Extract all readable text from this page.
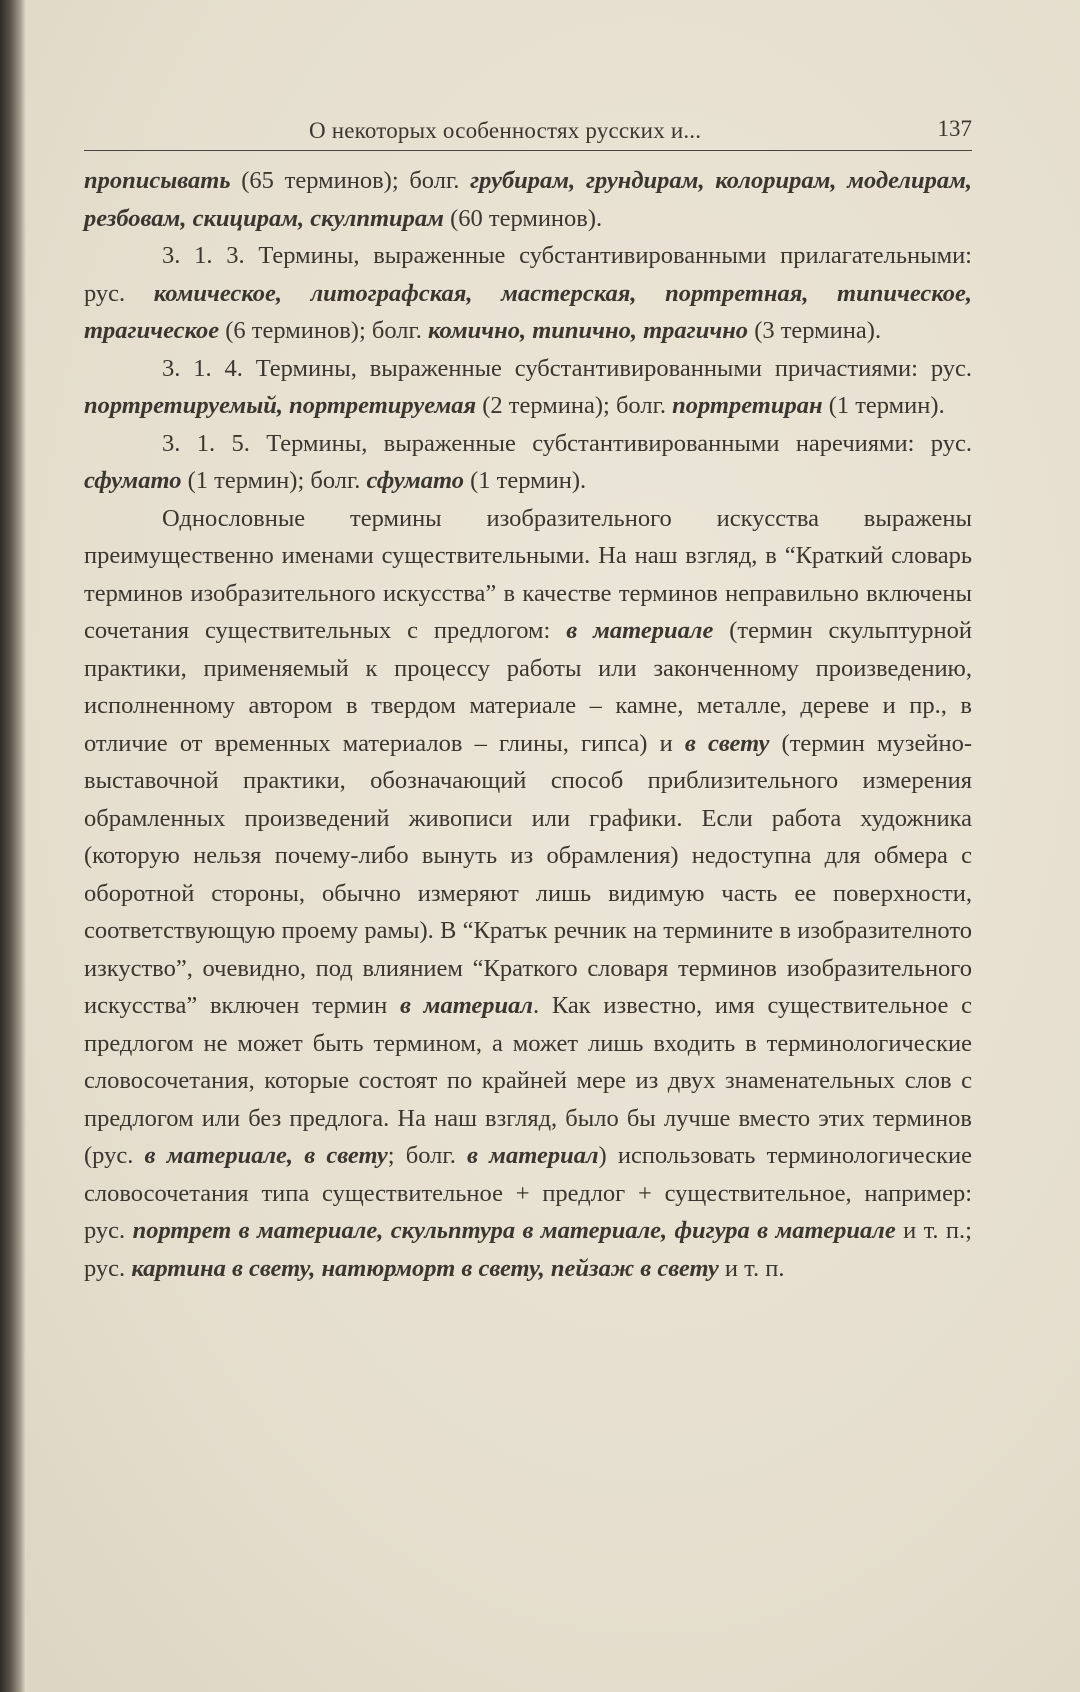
О некоторых особенностях русских и...	137

прописывать (65 терминов); болг. грубирам, грундирам, колорирам, моделирам, резбовам, скицирам, скулптирам (60 терминов).

3. 1. 3. Термины, выраженные субстантивированными прилагательными: рус. комическое, литографская, мастерская, портретная, типическое, трагическое (6 терминов); болг. комично, типично, трагично (3 термина).

3. 1. 4. Термины, выраженные субстантивированными причастиями: рус. портретируемый, портретируемая (2 термина); болг. портретиран (1 термин).

3. 1. 5. Термины, выраженные субстантивированными наречиями: рус. сфумато (1 термин); болг. сфумато (1 термин).

Однословные термины изобразительного искусства выражены преимущественно именами существительными. На наш взгляд, в “Краткий словарь терминов изобразительного искусства” в качестве терминов неправильно включены сочетания существительных с предлогом: в материале (термин скульптурной практики, применяемый к процессу работы или законченному произведению, исполненному автором в твердом материале – камне, металле, дереве и пр., в отличие от временных материалов – глины, гипса) и в свету (термин музейно-выставочной практики, обозначающий способ приблизительного измерения обрамленных произведений живописи или графики. Если работа художника (которую нельзя почему-либо вынуть из обрамления) недоступна для обмера с оборотной стороны, обычно измеряют лишь видимую часть ее поверхности, соответствующую проему рамы). В “Кратък речник на термините в изобразителното изкуство”, очевидно, под влиянием “Краткого словаря терминов изобразительного искусства” включен термин в материал. Как известно, имя существительное с предлогом не может быть термином, а может лишь входить в терминологические словосочетания, которые состоят по крайней мере из двух знаменательных слов с предлогом или без предлога. На наш взгляд, было бы лучше вместо этих терминов (рус. в материале, в свету; болг. в материал) использовать терминологические словосочетания типа существительное + предлог + существительное, например: рус. портрет в материале, скульптура в материале, фигура в материале и т. п.; рус. картина в свету, натюрморт в свету, пейзаж в свету и т. п.
